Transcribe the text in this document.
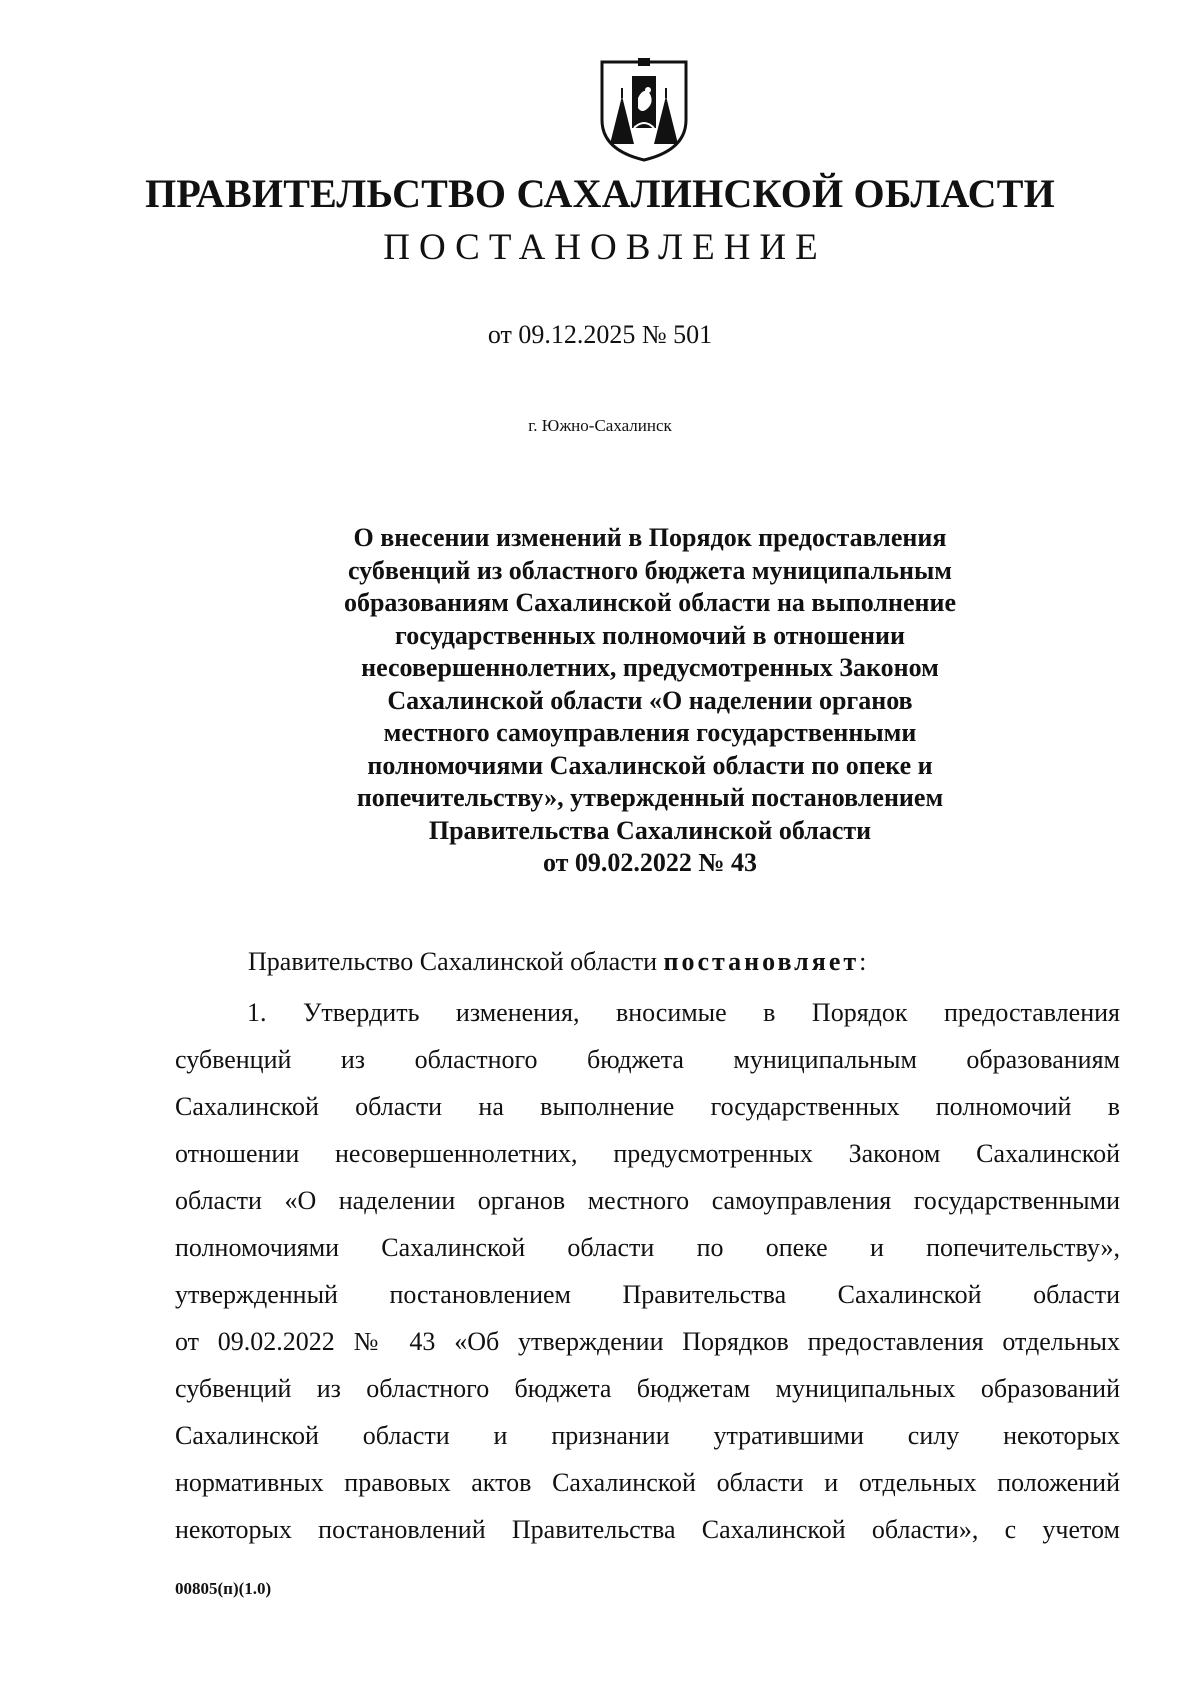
ПРАВИТЕЛЬСТВО САХАЛИНСКОЙ ОБЛАСТИ
ПОСТАНОВЛЕНИЕ
от 09.12.2025 № 501
г. Южно-Сахалинск
О внесении изменений в Порядок предоставления
субвенций из областного бюджета муниципальным
образованиям Сахалинской области на выполнение
государственных полномочий в отношении
несовершеннолетних, предусмотренных Законом
Сахалинской области «О наделении органов
местного самоуправления государственными
полномочиями Сахалинской области по опеке и
попечительству», утвержденный постановлением
Правительства Сахалинской области
от 09.02.2022 № 43
Правительство Сахалинской области постановляет:
1. Утвердить изменения, вносимые в Порядок предоставления
субвенций из областного бюджета муниципальным образованиям
Сахалинской области на выполнение государственных полномочий в
отношении несовершеннолетних, предусмотренных Законом Сахалинской
области «О наделении органов местного самоуправления государственными
полномочиями Сахалинской области по опеке и попечительству»,
утвержденный постановлением Правительства Сахалинской области
от 09.02.2022 № 43 «Об утверждении Порядков предоставления отдельных
субвенций из областного бюджета бюджетам муниципальных образований
Сахалинской области и признании утратившими силу некоторых
нормативных правовых актов Сахалинской области и отдельных положений
некоторых постановлений Правительства Сахалинской области», с учетом
00805(п)(1.0)
